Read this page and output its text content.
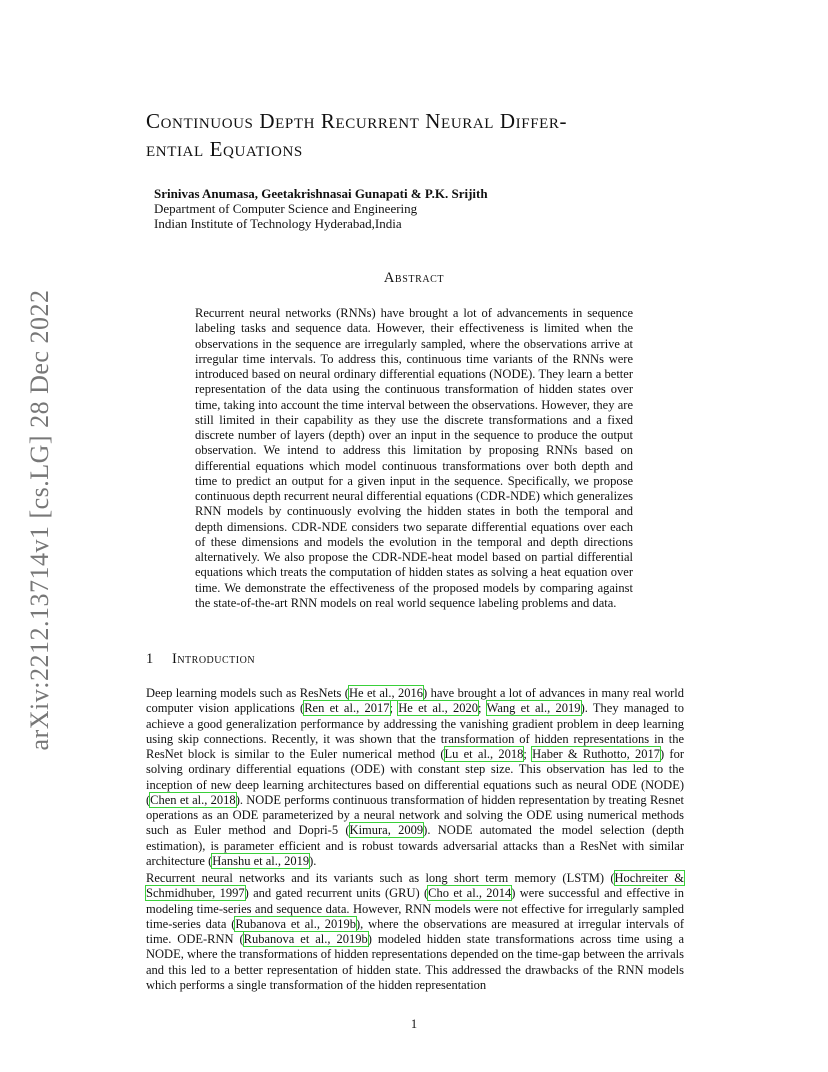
arXiv:2212.13714v1 [cs.LG] 28 Dec 2022
Continuous Depth Recurrent Neural Differ-
ential Equations
Srinivas Anumasa, Geetakrishnasai Gunapati & P.K. Srijith
Department of Computer Science and Engineering
Indian Institute of Technology Hyderabad,India
Abstract
Recurrent neural networks (RNNs) have brought a lot of advancements in sequence labeling tasks and sequence data. However, their effectiveness is limited when the observations in the sequence are irregularly sampled, where the observations arrive at irregular time intervals. To address this, continuous time variants of the RNNs were introduced based on neural ordinary differential equations (NODE). They learn a better representation of the data using the continuous transformation of hidden states over time, taking into account the time interval between the observations. However, they are still limited in their capability as they use the discrete transformations and a fixed discrete number of layers (depth) over an input in the sequence to produce the output observation. We intend to address this limitation by proposing RNNs based on differential equations which model continuous transformations over both depth and time to predict an output for a given input in the sequence. Specifically, we propose continuous depth recurrent neural differential equations (CDR-NDE) which generalizes RNN models by continuously evolving the hidden states in both the temporal and depth dimensions. CDR-NDE considers two separate differential equations over each of these dimensions and models the evolution in the temporal and depth directions alternatively. We also propose the CDR-NDE-heat model based on partial differential equations which treats the computation of hidden states as solving a heat equation over time. We demonstrate the effectiveness of the proposed models by comparing against the state-of-the-art RNN models on real world sequence labeling problems and data.
1 Introduction
Deep learning models such as ResNets (He et al., 2016) have brought a lot of advances in many real world computer vision applications (Ren et al., 2017; He et al., 2020; Wang et al., 2019). They managed to achieve a good generalization performance by addressing the vanishing gradient problem in deep learning using skip connections. Recently, it was shown that the transformation of hidden representations in the ResNet block is similar to the Euler numerical method (Lu et al., 2018; Haber & Ruthotto, 2017) for solving ordinary differential equations (ODE) with constant step size. This observation has led to the inception of new deep learning architectures based on differential equations such as neural ODE (NODE) (Chen et al., 2018). NODE performs continuous transformation of hidden representation by treating Resnet operations as an ODE parameterized by a neural network and solving the ODE using numerical methods such as Euler method and Dopri-5 (Kimura, 2009). NODE automated the model selection (depth estimation), is parameter efficient and is robust towards adversarial attacks than a ResNet with similar architecture (Hanshu et al., 2019).
Recurrent neural networks and its variants such as long short term memory (LSTM) (Hochreiter & Schmidhuber, 1997) and gated recurrent units (GRU) (Cho et al., 2014) were successful and effective in modeling time-series and sequence data. However, RNN models were not effective for irregularly sampled time-series data (Rubanova et al., 2019b), where the observations are measured at irregular intervals of time. ODE-RNN (Rubanova et al., 2019b) modeled hidden state transformations across time using a NODE, where the transformations of hidden representations depended on the time-gap between the arrivals and this led to a better representation of hidden state. This addressed the drawbacks of the RNN models which performs a single transformation of the hidden representation
1
